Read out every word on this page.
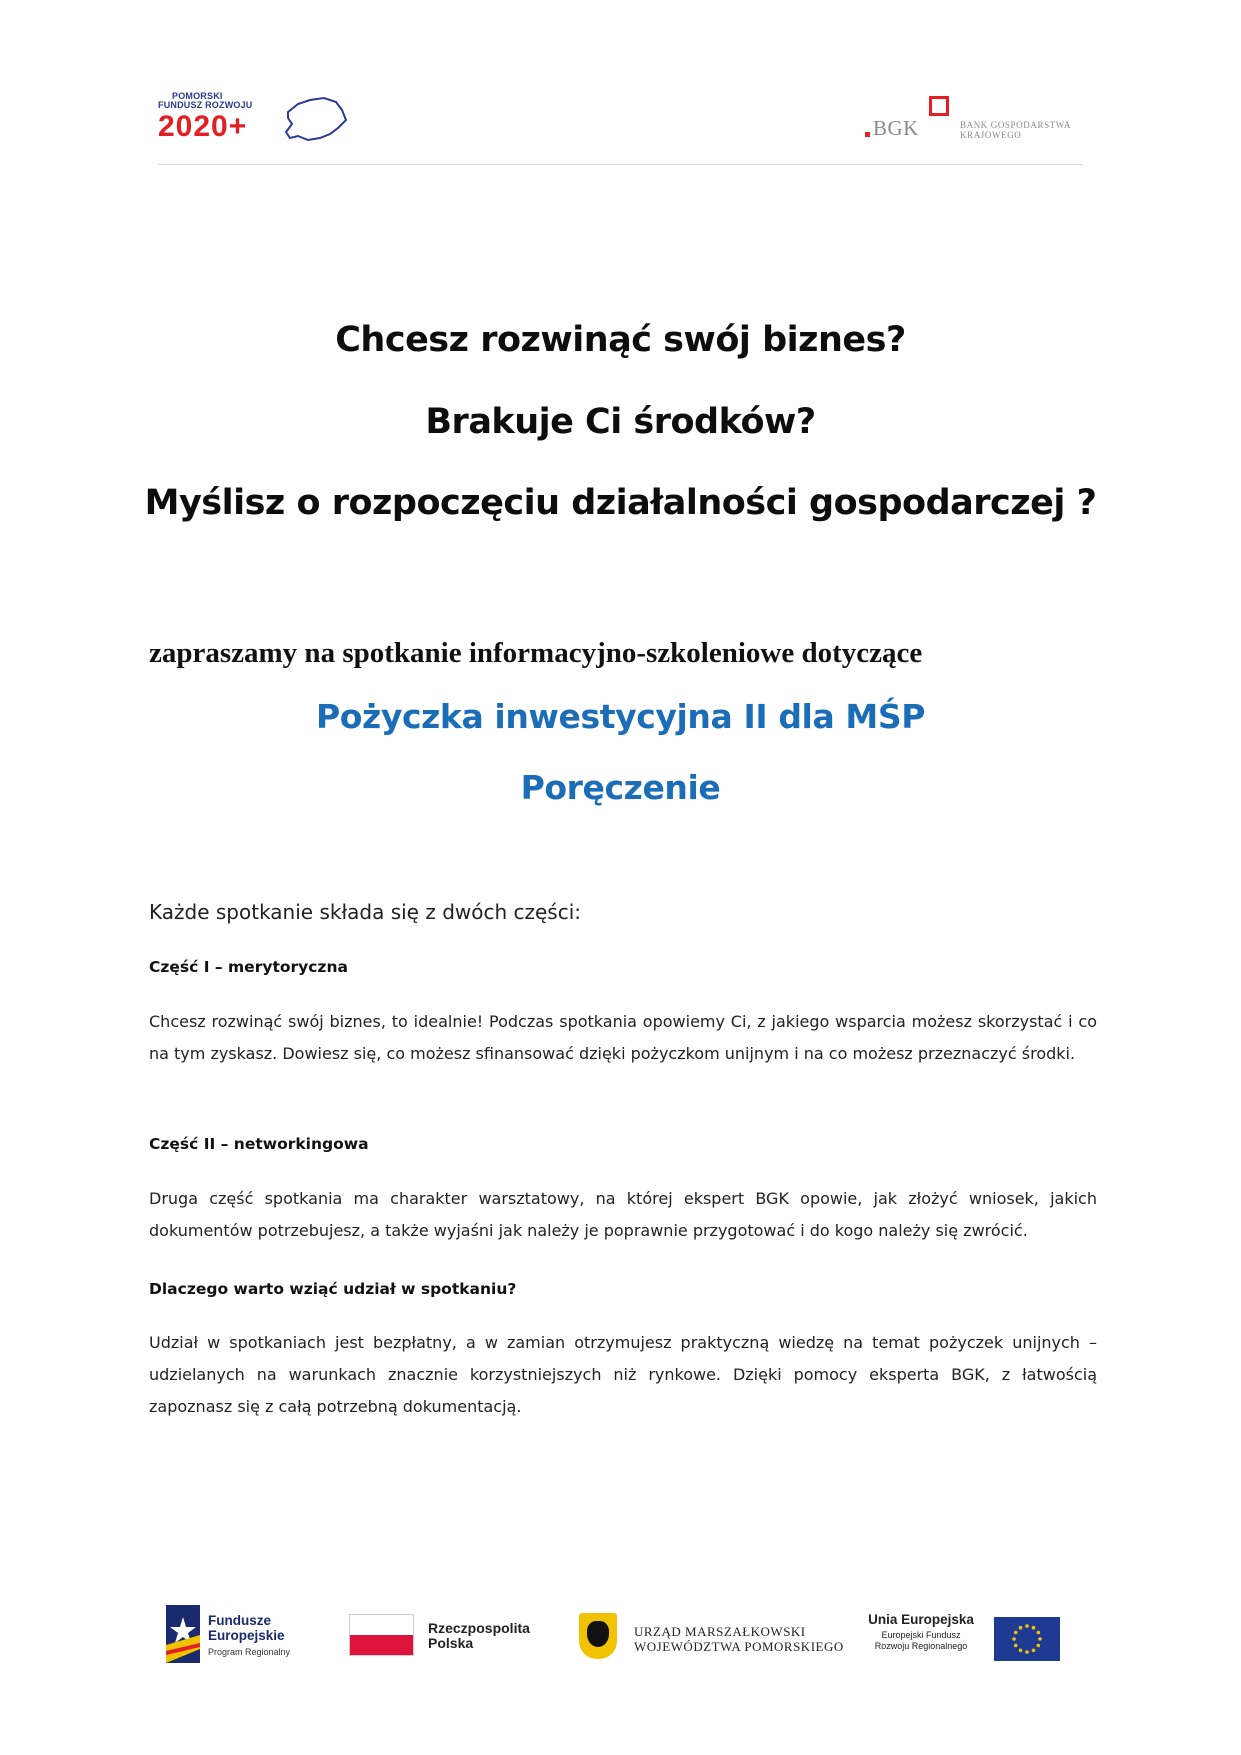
POMORSKI
FUNDUSZ ROZWOJU
2020+	BGK	BANK GOSPODARSTWA
KRAJOWEGO
Chcesz rozwinąć swój biznes?
Brakuje Ci środków?
Myślisz o rozpoczęciu działalności gospodarczej ?
zapraszamy na spotkanie informacyjno-szkoleniowe dotyczące
Pożyczka inwestycyjna II dla MŚP
Poręczenie
Każde spotkanie składa się z dwóch części:
Część I – merytoryczna
Chcesz rozwinąć swój biznes, to idealnie! Podczas spotkania opowiemy Ci, z jakiego wsparcia możesz skorzystać i co na tym zyskasz. Dowiesz się, co możesz sfinansować dzięki pożyczkom unijnym i na co możesz przeznaczyć środki.
Część II – networkingowa
Druga część spotkania ma charakter warsztatowy, na której ekspert BGK opowie, jak złożyć wniosek, jakich dokumentów potrzebujesz, a także wyjaśni jak należy je poprawnie przygotować i do kogo należy się zwrócić.
Dlaczego warto wziąć udział w spotkaniu?
Udział w spotkaniach jest bezpłatny, a w zamian otrzymujesz praktyczną wiedzę na temat pożyczek unijnych – udzielanych na warunkach znacznie korzystniejszych niż rynkowe. Dzięki pomocy eksperta BGK, z łatwością zapoznasz się z całą potrzebną dokumentacją.
Fundusze
Europejskie
Program Regionalny
Rzeczpospolita
Polska
URZĄD MARSZAŁKOWSKI
WOJEWÓDZTWA POMORSKIEGO
Unia Europejska
Europejski Fundusz
Rozwoju Regionalnego
